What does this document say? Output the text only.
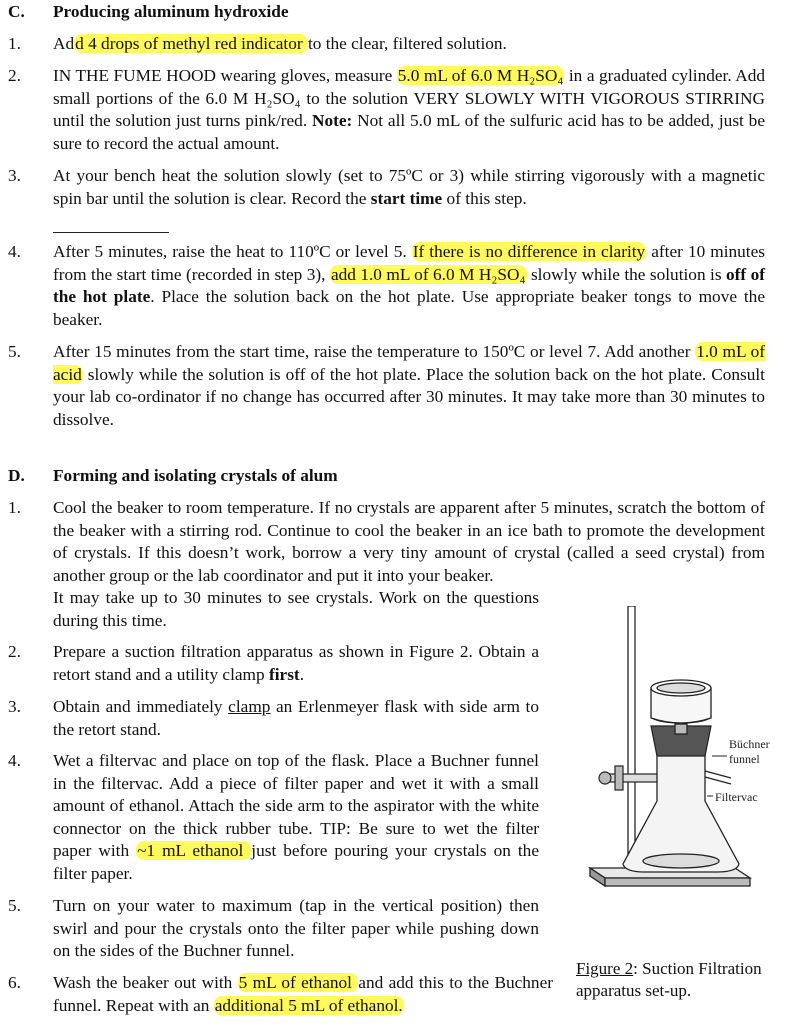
C. Producing aluminum hydroxide
1. Add 4 drops of methyl red indicator to the clear, filtered solution.
2. IN THE FUME HOOD wearing gloves, measure 5.0 mL of 6.0 M H₂SO₄ in a graduated cylinder. Add small portions of the 6.0 M H₂SO₄ to the solution VERY SLOWLY WITH VIGOROUS STIRRING until the solution just turns pink/red. Note: Not all 5.0 mL of the sulfuric acid has to be added, just be sure to record the actual amount.
3. At your bench heat the solution slowly (set to 75ºC or 3) while stirring vigorously with a magnetic spin bar until the solution is clear. Record the start time of this step.
4. After 5 minutes, raise the heat to 110ºC or level 5. If there is no difference in clarity after 10 minutes from the start time (recorded in step 3), add 1.0 mL of 6.0 M H₂SO₄ slowly while the solution is off of the hot plate. Place the solution back on the hot plate. Use appropriate beaker tongs to move the beaker.
5. After 15 minutes from the start time, raise the temperature to 150ºC or level 7. Add another 1.0 mL of acid slowly while the solution is off of the hot plate. Place the solution back on the hot plate. Consult your lab co-ordinator if no change has occurred after 30 minutes. It may take more than 30 minutes to dissolve.
D. Forming and isolating crystals of alum
1. Cool the beaker to room temperature. If no crystals are apparent after 5 minutes, scratch the bottom of the beaker with a stirring rod. Continue to cool the beaker in an ice bath to promote the development of crystals. If this doesn’t work, borrow a very tiny amount of crystal (called a seed crystal) from another group or the lab coordinator and put it into your beaker.
It may take up to 30 minutes to see crystals. Work on the questions during this time.
2. Prepare a suction filtration apparatus as shown in Figure 2. Obtain a retort stand and a utility clamp first.
3. Obtain and immediately clamp an Erlenmeyer flask with side arm to the retort stand.
4. Wet a filtervac and place on top of the flask. Place a Buchner funnel in the filtervac. Add a piece of filter paper and wet it with a small amount of ethanol. Attach the side arm to the aspirator with the white connector on the thick rubber tube. TIP: Be sure to wet the filter paper with ~1 mL ethanol just before pouring your crystals on the filter paper.
5. Turn on your water to maximum (tap in the vertical position) then swirl and pour the crystals onto the filter paper while pushing down on the sides of the Buchner funnel.
6. Wash the beaker out with 5 mL of ethanol and add this to the Buchner funnel. Repeat with an additional 5 mL of ethanol.
Büchner
funnel
Filtervac
Figure 2: Suction Filtration apparatus set-up.
